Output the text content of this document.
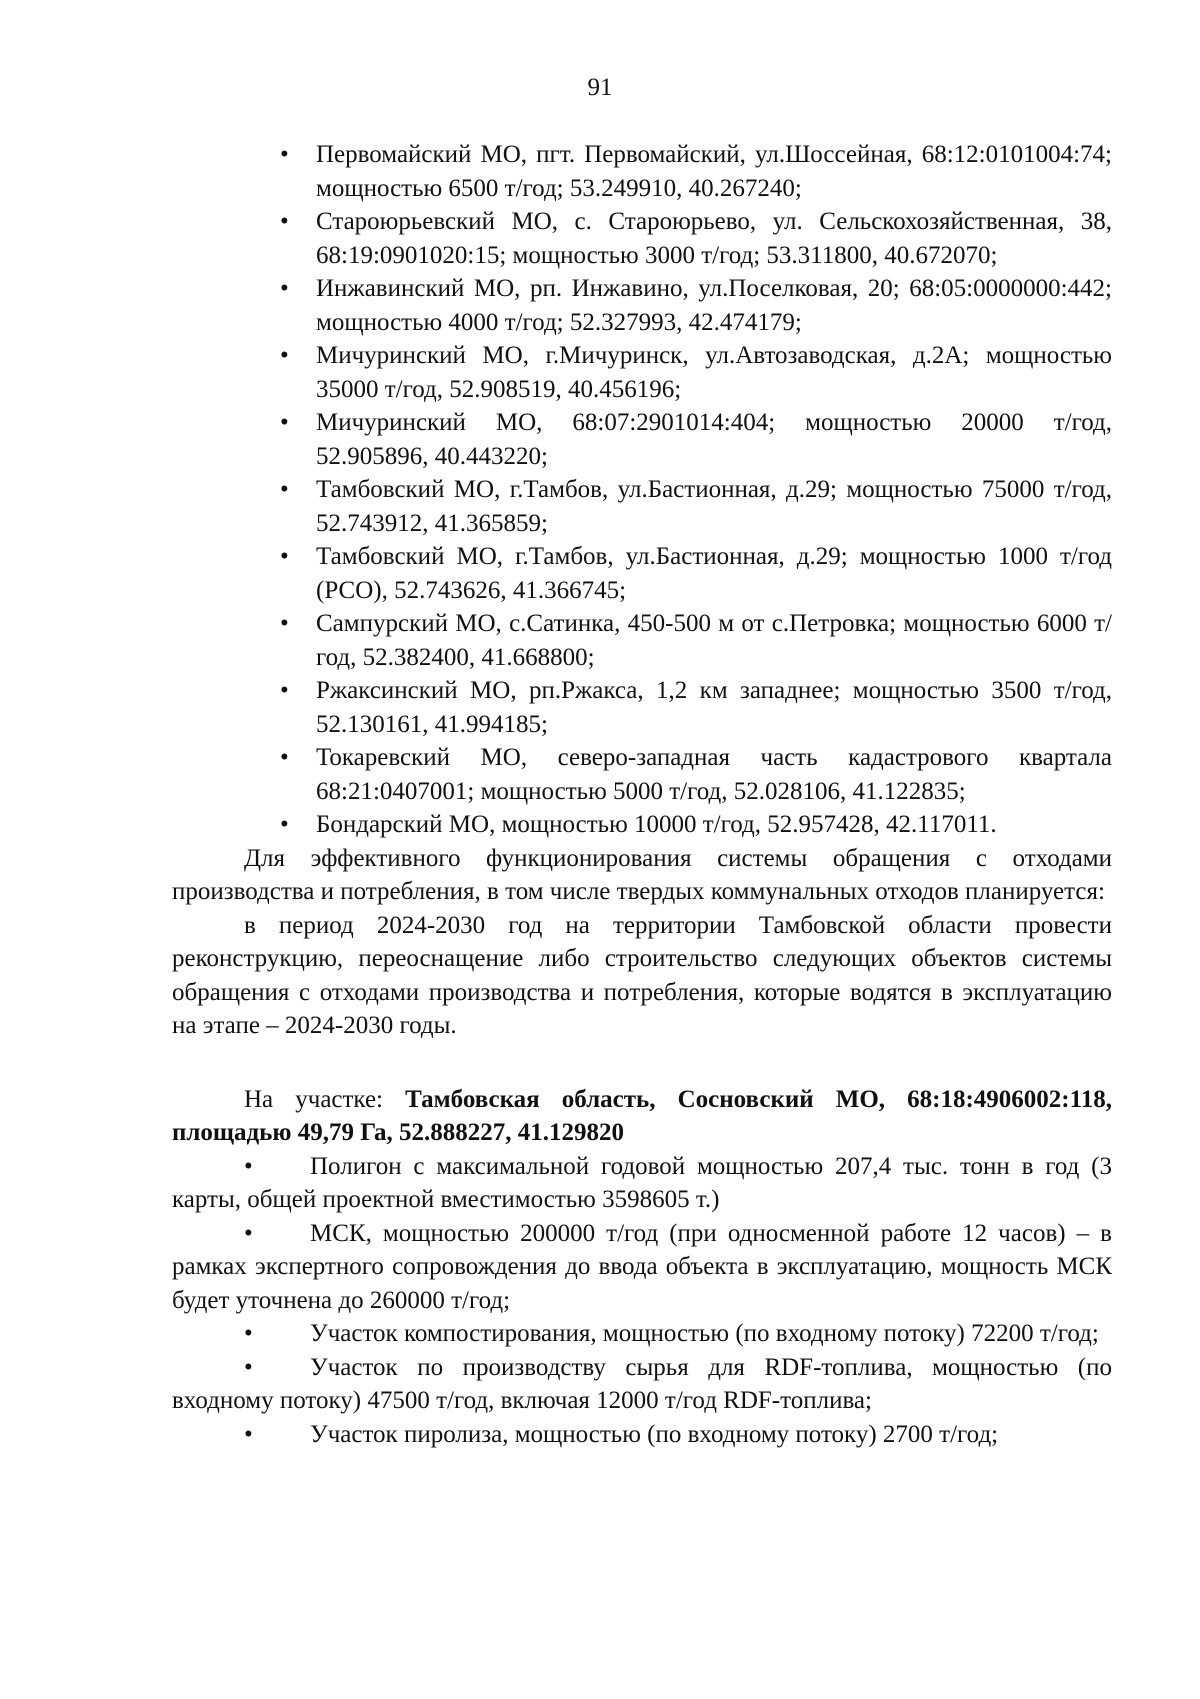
91
• Первомайский МО, пгт. Первомайский, ул.Шоссейная, 68:12:0101004:74; мощностью 6500 т/год; 53.249910, 40.267240;
• Староюрьевский МО, с. Староюрьево, ул. Сельскохозяйственная, 38, 68:19:0901020:15; мощностью 3000 т/год; 53.311800, 40.672070;
• Инжавинский МО, рп. Инжавино, ул.Поселковая, 20; 68:05:0000000:442; мощностью 4000 т/год; 52.327993, 42.474179;
• Мичуринский МО, г.Мичуринск, ул.Автозаводская, д.2А; мощностью 35000 т/год, 52.908519, 40.456196;
• Мичуринский МО, 68:07:2901014:404; мощностью 20000 т/год, 52.905896, 40.443220;
• Тамбовский МО, г.Тамбов, ул.Бастионная, д.29; мощностью 75000 т/год, 52.743912, 41.365859;
• Тамбовский МО, г.Тамбов, ул.Бастионная, д.29; мощностью 1000 т/год (РСО), 52.743626, 41.366745;
• Сампурский МО, с.Сатинка, 450-500 м от с.Петровка; мощностью 6000 т/год, 52.382400, 41.668800;
• Ржаксинский МО, рп.Ржакса, 1,2 км западнее; мощностью 3500 т/год, 52.130161, 41.994185;
• Токаревский МО, северо-западная часть кадастрового квартала 68:21:0407001; мощностью 5000 т/год, 52.028106, 41.122835;
• Бондарский МО, мощностью 10000 т/год, 52.957428, 42.117011.

Для эффективного функционирования системы обращения с отходами производства и потребления, в том числе твердых коммунальных отходов планируется:

в период 2024-2030 год на территории Тамбовской области провести реконструкцию, переоснащение либо строительство следующих объектов системы обращения с отходами производства и потребления, которые водятся в эксплуатацию на этапе – 2024-2030 годы.

На участке: Тамбовская область, Сосновский МО, 68:18:4906002:118, площадью 49,79 Га, 52.888227, 41.129820

• Полигон с максимальной годовой мощностью 207,4 тыс. тонн в год (3 карты, общей проектной вместимостью 3598605 т.)

• МСК, мощностью 200000 т/год (при односменной работе 12 часов) – в рамках экспертного сопровождения до ввода объекта в эксплуатацию, мощность МСК будет уточнена до 260000 т/год;

• Участок компостирования, мощностью (по входному потоку) 72200 т/год;

• Участок по производству сырья для RDF-топлива, мощностью (по входному потоку) 47500 т/год, включая 12000 т/год RDF-топлива;

• Участок пиролиза, мощностью (по входному потоку) 2700 т/год;
